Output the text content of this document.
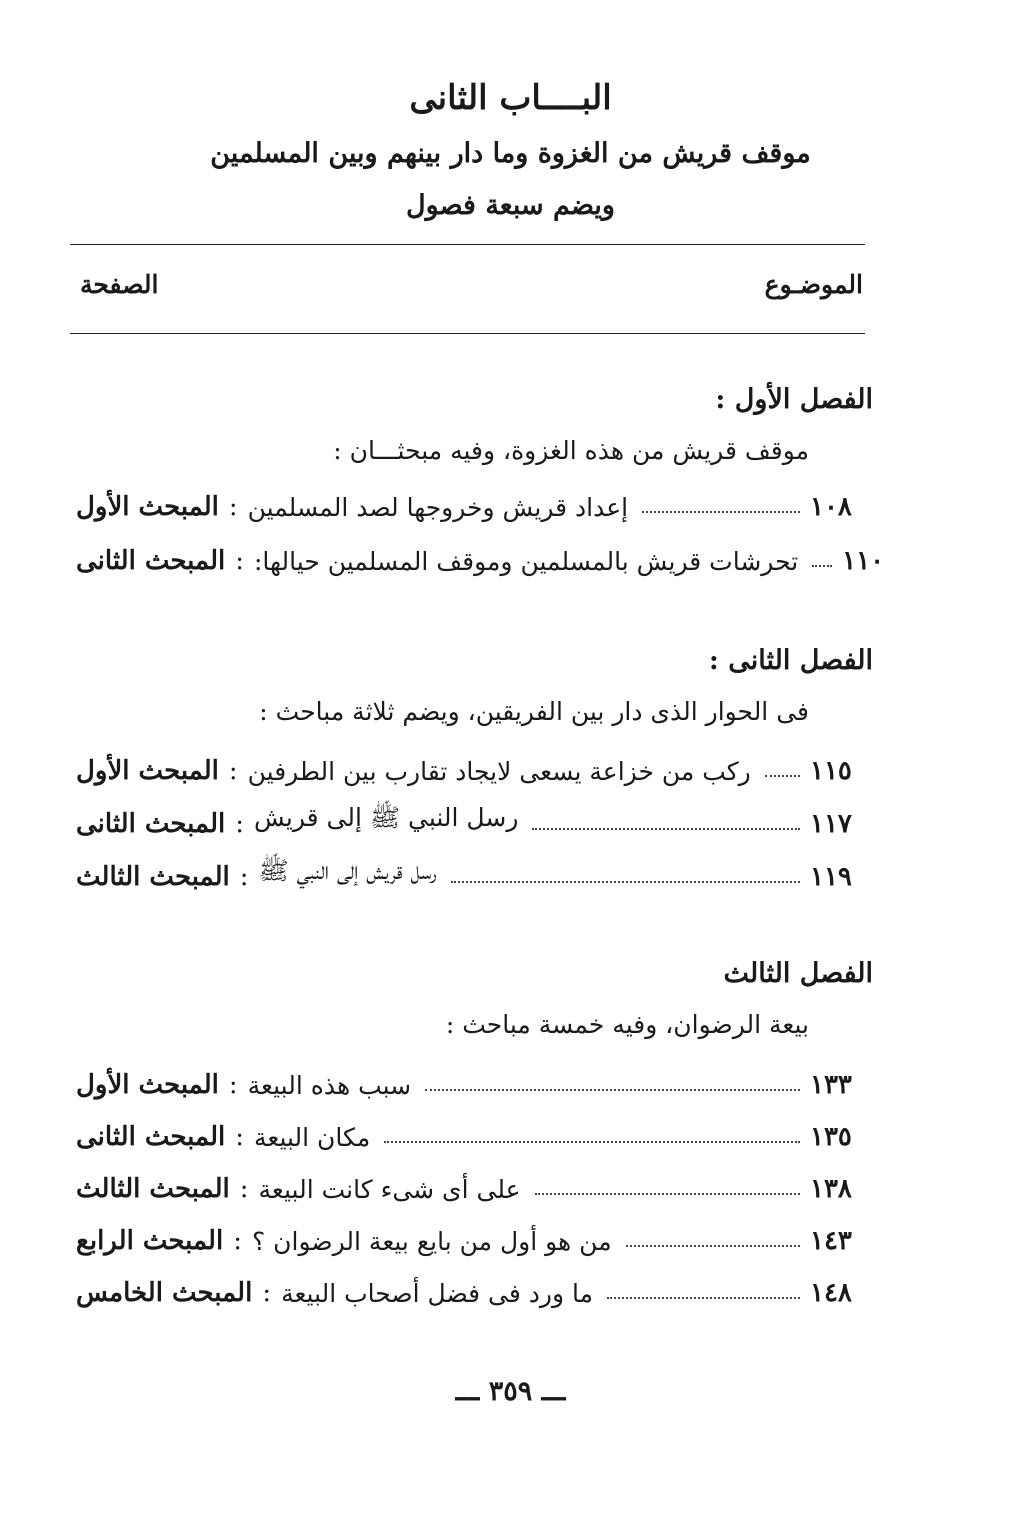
البــــاب الثانى
موقف قريش من الغزوة وما دار بينهم وبين المسلمين
ويضم سبعة فصول
الموضـوع
الصفحة
الفصل الأول :
موقف قريش من هذه الغزوة، وفيه مبحثـــان :
المبحث الأول : إعداد قريش وخروجها لصد المسلمين	١٠٨
المبحث الثانى : تحرشات قريش بالمسلمين وموقف المسلمين حيالها: ١١٠
الفصل الثانى :
فى الحوار الذى دار بين الفريقين، ويضم ثلاثة مباحث :
المبحث الأول : ركب من خزاعة يسعى لايجاد تقارب بين الطرفين ١١٥
المبحث الثانى : رسل النبي ﷺ إلى قريش	١١٧
المبحث الثالث : رسل قريش إلى النبي ﷺ	١١٩
الفصل الثالث
بيعة الرضوان، وفيه خمسة مباحث :
المبحث الأول : سبب هذه البيعة	١٣٣
المبحث الثانى : مكان البيعة	١٣٥
المبحث الثالث : على أى شىء كانت البيعة	١٣٨
المبحث الرابع : من هو أول من بايع بيعة الرضوان ؟	١٤٣
المبحث الخامس : ما ورد فى فضل أصحاب البيعة	١٤٨
ـــ ٣٥٩ ـــ
